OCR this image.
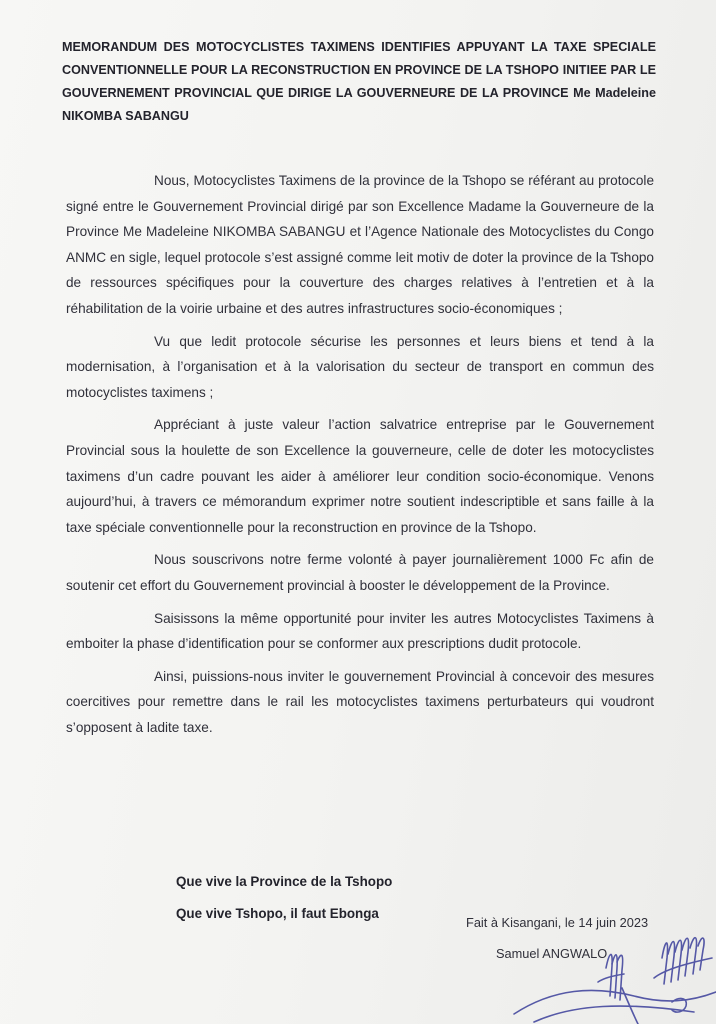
MEMORANDUM DES MOTOCYCLISTES TAXIMENS IDENTIFIES APPUYANT LA TAXE SPECIALE CONVENTIONNELLE POUR LA RECONSTRUCTION EN PROVINCE DE LA TSHOPO INITIEE PAR LE GOUVERNEMENT PROVINCIAL QUE DIRIGE LA GOUVERNEURE DE LA PROVINCE Me Madeleine NIKOMBA SABANGU

Nous, Motocyclistes Taximens de la province de la Tshopo se référant au protocole signé entre le Gouvernement Provincial dirigé par son Excellence Madame la Gouverneure de la Province Me Madeleine NIKOMBA SABANGU et l’Agence Nationale des Motocyclistes du Congo ANMC en sigle, lequel protocole s’est assigné comme leit motiv de doter la province de la Tshopo de ressources spécifiques pour la couverture des charges relatives à l’entretien et à la réhabilitation de la voirie urbaine et des autres infrastructures socio-économiques ;

Vu que ledit protocole sécurise les personnes et leurs biens et tend à la modernisation, à l’organisation et à la valorisation du secteur de transport en commun des motocyclistes taximens ;

Appréciant à juste valeur l’action salvatrice entreprise par le Gouvernement Provincial sous la houlette de son Excellence la gouverneure, celle de doter les motocyclistes taximens d’un cadre pouvant les aider à améliorer leur condition socio-économique. Venons aujourd’hui, à travers ce mémorandum exprimer notre soutient indescriptible et sans faille à la taxe spéciale conventionnelle pour la reconstruction en province de la Tshopo.

Nous souscrivons notre ferme volonté à payer journalièrement 1000 Fc afin de soutenir cet effort du Gouvernement provincial à booster le développement de la Province.

Saisissons la même opportunité pour inviter les autres Motocyclistes Taximens à emboiter la phase d’identification pour se conformer aux prescriptions dudit protocole.

Ainsi, puissions-nous inviter le gouvernement Provincial à concevoir des mesures coercitives pour remettre dans le rail les motocyclistes taximens perturbateurs qui voudront s’opposent à ladite taxe.

Que vive la Province de la Tshopo
Que vive Tshopo, il faut Ebonga
Fait à Kisangani, le 14 juin 2023
Samuel ANGWALO
